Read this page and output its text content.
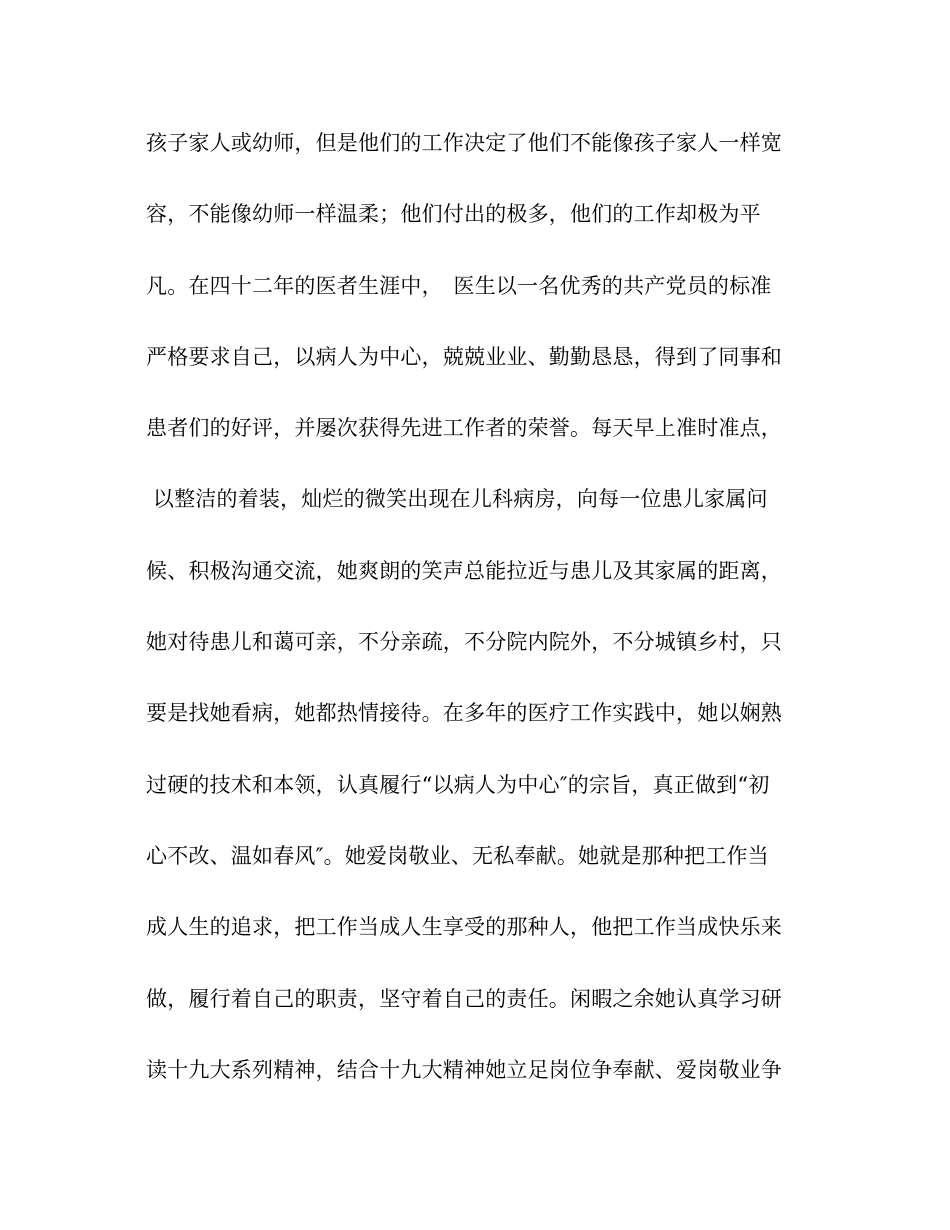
孩子家人或幼师，但是他们的工作决定了他们不能像孩子家人一样宽
容，不能像幼师一样温柔；他们付出的极多，他们的工作却极为平
凡。在四十二年的医者生涯中，　医生以一名优秀的共产党员的标准
严格要求自己，以病人为中心，兢兢业业、勤勤恳恳，得到了同事和
患者们的好评，并屡次获得先进工作者的荣誉。每天早上准时准点，
以整洁的着装，灿烂的微笑出现在儿科病房，向每一位患儿家属问
候、积极沟通交流，她爽朗的笑声总能拉近与患儿及其家属的距离，
她对待患儿和蔼可亲，不分亲疏，不分院内院外，不分城镇乡村，只
要是找她看病，她都热情接待。在多年的医疗工作实践中，她以娴熟
过硬的技术和本领，认真履行“以病人为中心″的宗旨，真正做到“初
心不改、温如春风″。她爱岗敬业、无私奉献。她就是那种把工作当
成人生的追求，把工作当成人生享受的那种人，他把工作当成快乐来
做，履行着自己的职责，坚守着自己的责任。闲暇之余她认真学习研
读十九大系列精神，结合十九大精神她立足岗位争奉献、爱岗敬业争
